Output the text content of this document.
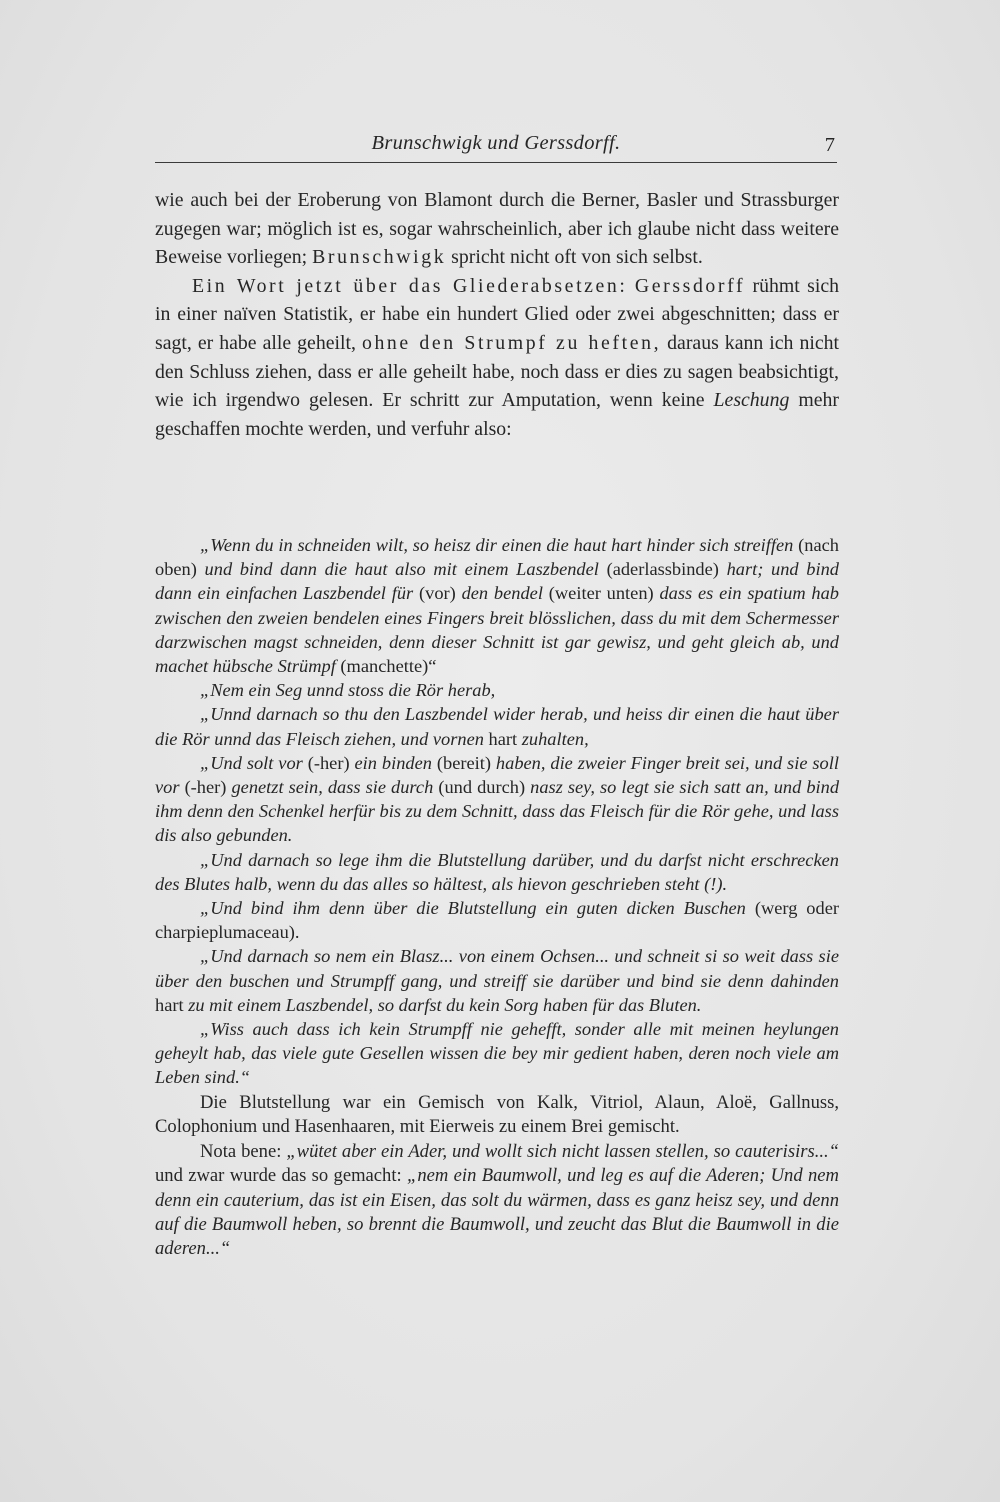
Brunschwigk und Gerssdorff.	7

wie auch bei der Eroberung von Blamont durch die Berner, Basler und Strassburger zugegen war; möglich ist es, sogar wahrscheinlich, aber ich glaube nicht dass weitere Beweise vorliegen; Brunschwigk spricht nicht oft von sich selbst.

Ein Wort jetzt über das Gliederabsetzen: Gerssdorff rühmt sich in einer naïven Statistik, er habe ein hundert Glied oder zwei abgeschnitten; dass er sagt, er habe alle geheilt, ohne den Strumpf zu heften, daraus kann ich nicht den Schluss ziehen, dass er alle geheilt habe, noch dass er dies zu sagen beabsichtigt, wie ich irgendwo gelesen. Er schritt zur Amputation, wenn keine Leschung mehr geschaffen mochte werden, und verfuhr also:

„Wenn du in schneiden wilt, so heisz dir einen die haut hart hinder sich streiffen (nach oben) und bind dann die haut also mit einem Laszbendel (aderlassbinde) hart; und bind dann ein einfachen Laszbendel für (vor) den bendel (weiter unten) dass es ein spatium hab zwischen den zweien bendelen eines Fingers breit blösslichen, dass du mit dem Schermesser darzwischen magst schneiden, denn dieser Schnitt ist gar gewisz, und geht gleich ab, und machet hübsche Strümpf (manchette)“

„Nem ein Seg unnd stoss die Rör herab,

„Unnd darnach so thu den Laszbendel wider herab, und heiss dir einen die haut über die Rör unnd das Fleisch ziehen, und vornen hart zuhalten,

„Und solt vor (-her) ein binden (bereit) haben, die zweier Finger breit sei, und sie soll vor (-her) genetzt sein, dass sie durch (und durch) nasz sey, so legt sie sich satt an, und bind ihm denn den Schenkel herfür bis zu dem Schnitt, dass das Fleisch für die Rör gehe, und lass dis also gebunden.

„Und darnach so lege ihm die Blutstellung darüber, und du darfst nicht erschrecken des Blutes halb, wenn du das alles so hältest, als hievon geschrieben steht (!).

„Und bind ihm denn über die Blutstellung ein guten dicken Buschen (werg oder charpieplumaceau).

„Und darnach so nem ein Blasz... von einem Ochsen... und schneit si so weit dass sie über den buschen und Strumpff gang, und streiff sie darüber und bind sie denn dahinden hart zu mit einem Laszbendel, so darfst du kein Sorg haben für das Bluten.

„Wiss auch dass ich kein Strumpff nie gehefft, sonder alle mit meinen heylungen geheylt hab, das viele gute Gesellen wissen die bey mir gedient haben, deren noch viele am Leben sind.“

Die Blutstellung war ein Gemisch von Kalk, Vitriol, Alaun, Aloë, Gallnuss, Colophonium und Hasenhaaren, mit Eierweis zu einem Brei gemischt.

Nota bene: „wütet aber ein Ader, und wollt sich nicht lassen stellen, so cauterisirs...“ und zwar wurde das so gemacht: „nem ein Baumwoll, und leg es auf die Aderen; Und nem denn ein cauterium, das ist ein Eisen, das solt du wärmen, dass es ganz heisz sey, und denn auf die Baumwoll heben, so brennt die Baumwoll, und zeucht das Blut die Baumwoll in die aderen...“
